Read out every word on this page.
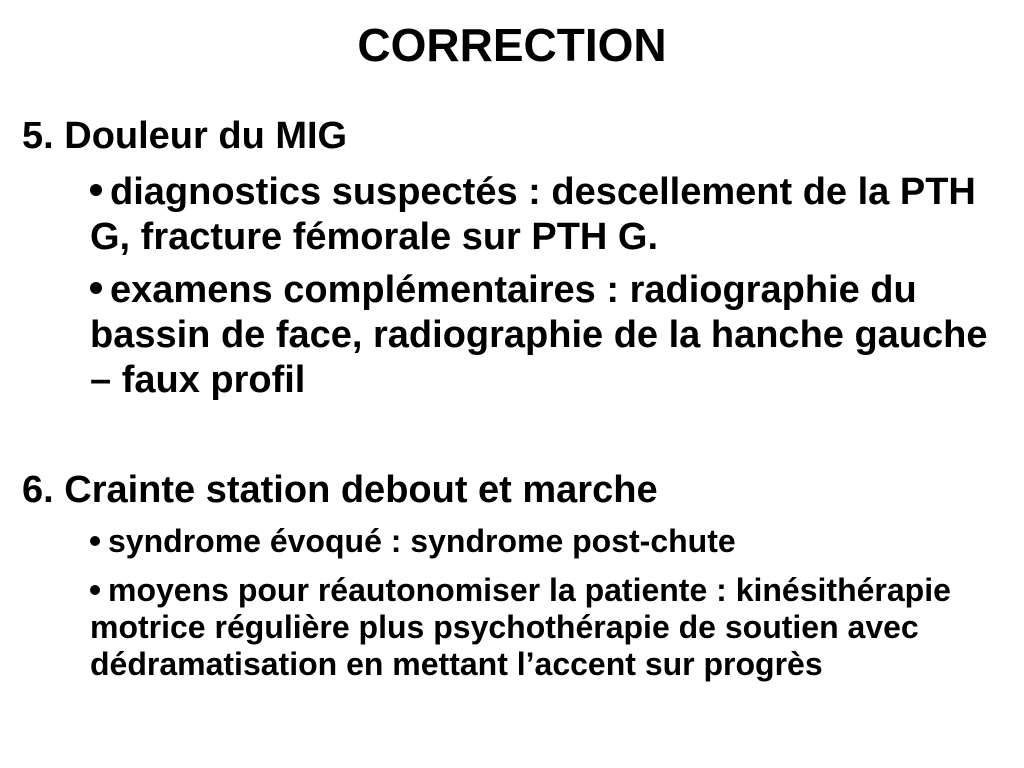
CORRECTION
5. Douleur du MIG

diagnostics suspectés : descellement de la PTH G, fracture fémorale sur PTH G.

examens complémentaires : radiographie du bassin de face, radiographie de la hanche gauche – faux profil

6. Crainte station debout et marche

syndrome évoqué : syndrome post-chute

moyens pour réautonomiser la patiente : kinésithérapie motrice régulière plus psychothérapie de soutien avec dédramatisation en mettant l’accent sur progrès
